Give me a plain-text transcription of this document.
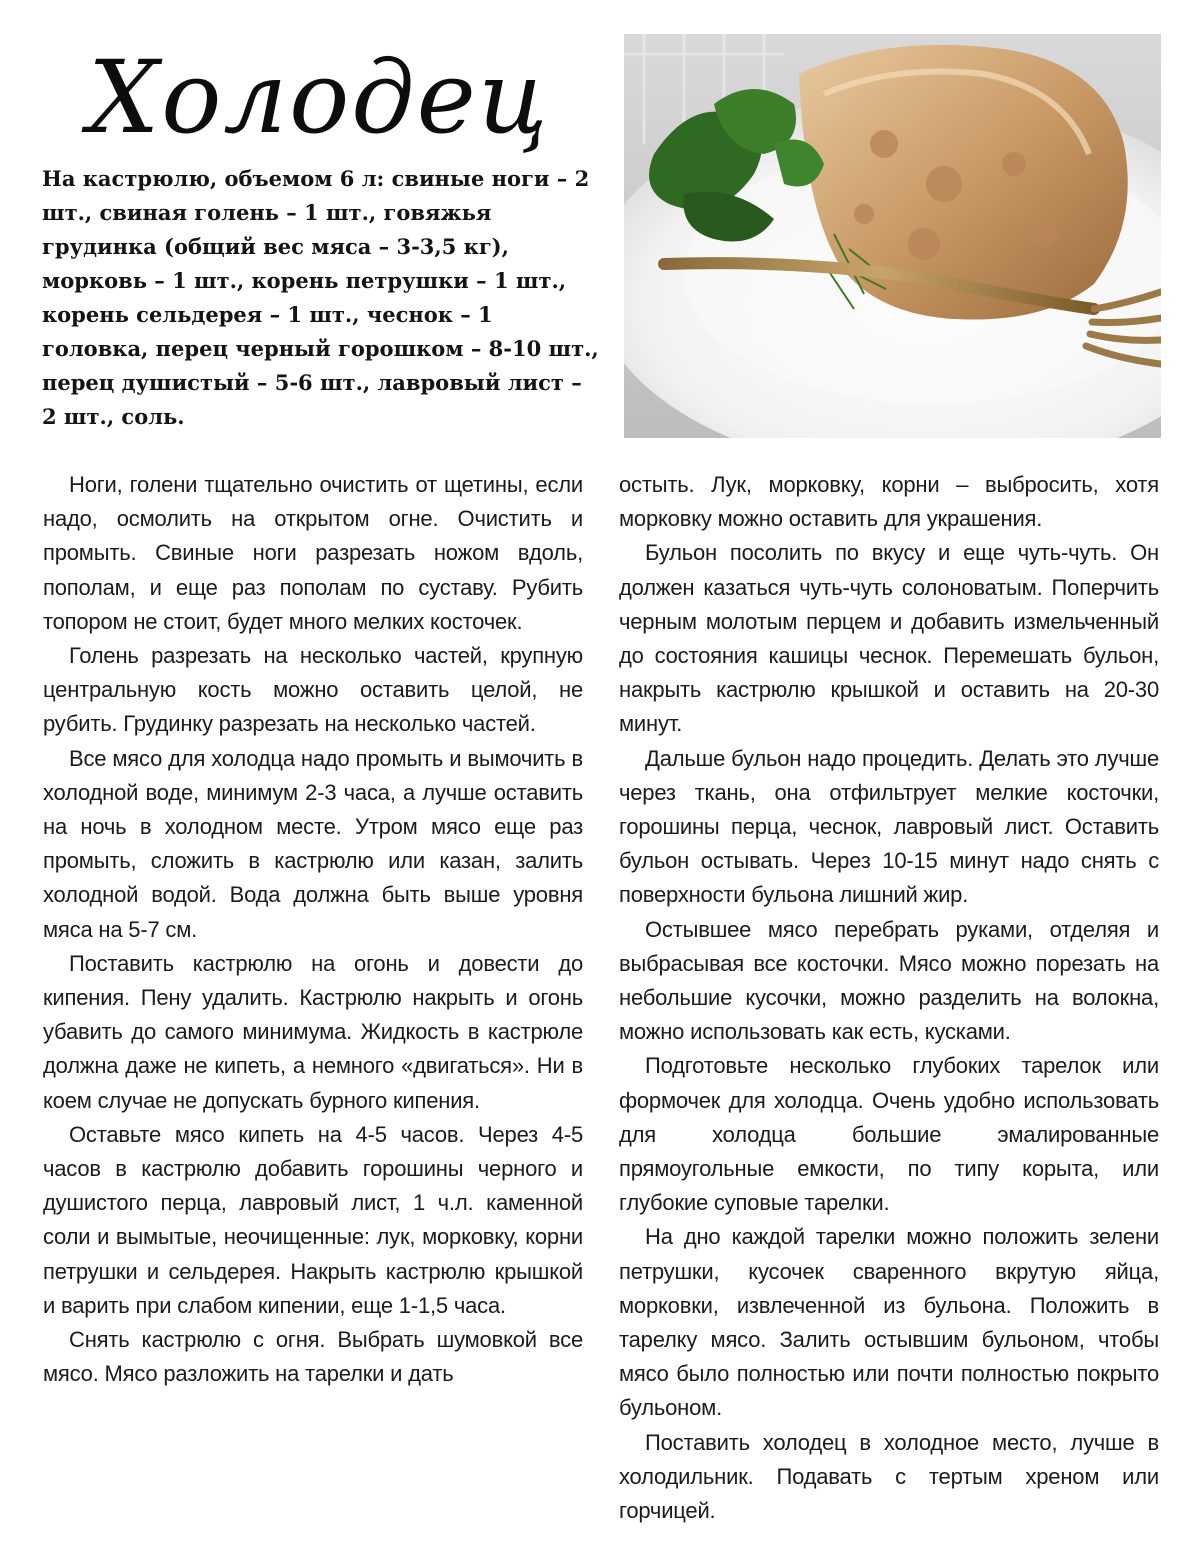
Холодец

На кастрюлю, объемом 6 л: свиные ноги – 2 шт., свиная голень – 1 шт., говяжья грудинка (общий вес мяса – 3-3,5 кг), морковь – 1 шт., корень петрушки – 1 шт., корень сельдерея – 1 шт., чеснок – 1 головка, перец черный горошком – 8-10 шт., перец душистый – 5-6 шт., лавровый лист – 2 шт., соль.

Ноги, голени тщательно очистить от щетины, если надо, осмолить на открытом огне. Очистить и промыть. Свиные ноги разрезать ножом вдоль, пополам, и еще раз пополам по суставу. Рубить топором не стоит, будет много мелких косточек.

Голень разрезать на несколько частей, крупную центральную кость можно оставить целой, не рубить. Грудинку разрезать на несколько частей.

Все мясо для холодца надо промыть и вымочить в холодной воде, минимум 2-3 часа, а лучше оставить на ночь в холодном месте. Утром мясо еще раз промыть, сложить в кастрюлю или казан, залить холодной водой. Вода должна быть выше уровня мяса на 5-7 см.

Поставить кастрюлю на огонь и довести до кипения. Пену удалить. Кастрюлю накрыть и огонь убавить до самого минимума. Жидкость в кастрюле должна даже не кипеть, а немного «двигаться». Ни в коем случае не допускать бурного кипения.

Оставьте мясо кипеть на 4-5 часов. Через 4-5 часов в кастрюлю добавить горошины черного и душистого перца, лавровый лист, 1 ч.л. каменной соли и вымытые, неочищенные: лук, морковку, корни петрушки и сельдерея. Накрыть кастрюлю крышкой и варить при слабом кипении, еще 1-1,5 часа.

Снять кастрюлю с огня. Выбрать шумовкой все мясо. Мясо разложить на тарелки и дать

остыть. Лук, морковку, корни – выбросить, хотя морковку можно оставить для украшения.

Бульон посолить по вкусу и еще чуть-чуть. Он должен казаться чуть-чуть солоноватым. Поперчить черным молотым перцем и добавить измельченный до состояния кашицы чеснок. Перемешать бульон, накрыть кастрюлю крышкой и оставить на 20-30 минут.

Дальше бульон надо процедить. Делать это лучше через ткань, она отфильтрует мелкие косточки, горошины перца, чеснок, лавровый лист. Оставить бульон остывать. Через 10-15 минут надо снять с поверхности бульона лишний жир.

Остывшее мясо перебрать руками, отделяя и выбрасывая все косточки. Мясо можно порезать на небольшие кусочки, можно разделить на волокна, можно использовать как есть, кусками.

Подготовьте несколько глубоких тарелок или формочек для холодца. Очень удобно использовать для холодца большие эмалированные прямоугольные емкости, по типу корыта, или глубокие суповые тарелки.

На дно каждой тарелки можно положить зелени петрушки, кусочек сваренного вкрутую яйца, морковки, извлеченной из бульона. Положить в тарелку мясо. Залить остывшим бульоном, чтобы мясо было полностью или почти полностью покрыто бульоном.

Поставить холодец в холодное место, лучше в холодильник. Подавать с тертым хреном или горчицей.
